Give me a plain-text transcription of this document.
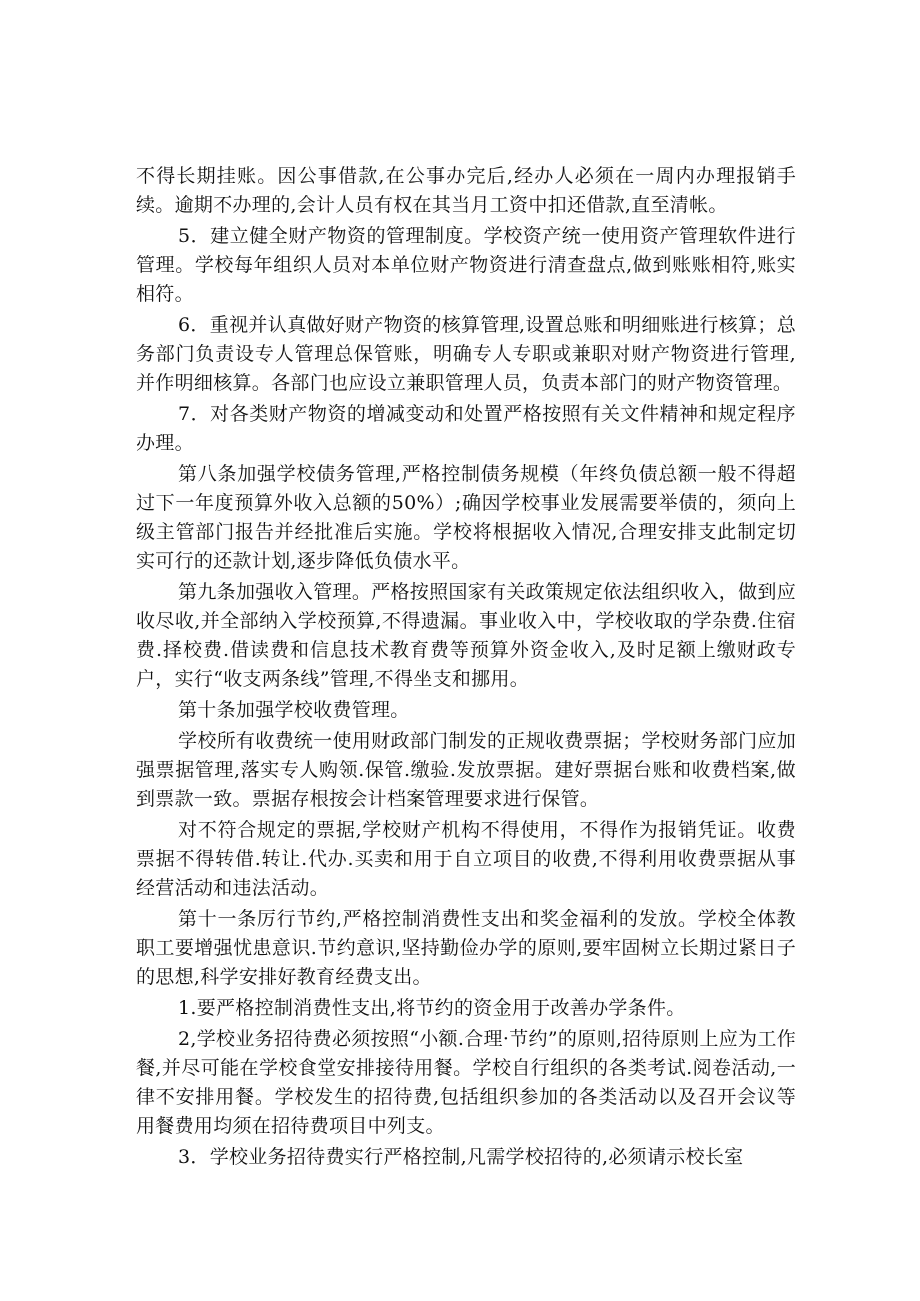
不得长期挂账。因公事借款,在公事办完后,经办人必须在一周内办理报销手续。逾期不办理的,会计人员有权在其当月工资中扣还借款,直至清帐。

5．建立健全财产物资的管理制度。学校资产统一使用资产管理软件进行管理。学校每年组织人员对本单位财产物资进行清查盘点,做到账账相符,账实相符。

6．重视并认真做好财产物资的核算管理,设置总账和明细账进行核算；总务部门负责设专人管理总保管账，明确专人专职或兼职对财产物资进行管理,并作明细核算。各部门也应设立兼职管理人员，负责本部门的财产物资管理。

7．对各类财产物资的增减变动和处置严格按照有关文件精神和规定程序办理。

第八条加强学校债务管理,严格控制债务规模（年终负债总额一般不得超过下一年度预算外收入总额的50%）;确因学校事业发展需要举债的，须向上级主管部门报告并经批准后实施。学校将根据收入情况,合理安排支此制定切实可行的还款计划,逐步降低负债水平。

第九条加强收入管理。严格按照国家有关政策规定依法组织收入，做到应收尽收,并全部纳入学校预算,不得遗漏。事业收入中，学校收取的学杂费.住宿费.择校费.借读费和信息技术教育费等预算外资金收入,及时足额上缴财政专户，实行“收支两条线”管理,不得坐支和挪用。

第十条加强学校收费管理。

学校所有收费统一使用财政部门制发的正规收费票据；学校财务部门应加强票据管理,落实专人购领.保管.缴验.发放票据。建好票据台账和收费档案,做到票款一致。票据存根按会计档案管理要求进行保管。

对不符合规定的票据,学校财产机构不得使用，不得作为报销凭证。收费票据不得转借.转让.代办.买卖和用于自立项目的收费,不得利用收费票据从事经营活动和违法活动。

第十一条厉行节约,严格控制消费性支出和奖金福利的发放。学校全体教职工要增强忧患意识.节约意识,坚持勤俭办学的原则,要牢固树立长期过紧日子的思想,科学安排好教育经费支出。

1.要严格控制消费性支出,将节约的资金用于改善办学条件。

2,学校业务招待费必须按照“小额.合理·节约”的原则,招待原则上应为工作餐,并尽可能在学校食堂安排接待用餐。学校自行组织的各类考试.阅卷活动,一律不安排用餐。学校发生的招待费,包括组织参加的各类活动以及召开会议等用餐费用均须在招待费项目中列支。

3．学校业务招待费实行严格控制,凡需学校招待的,必须请示校长室
